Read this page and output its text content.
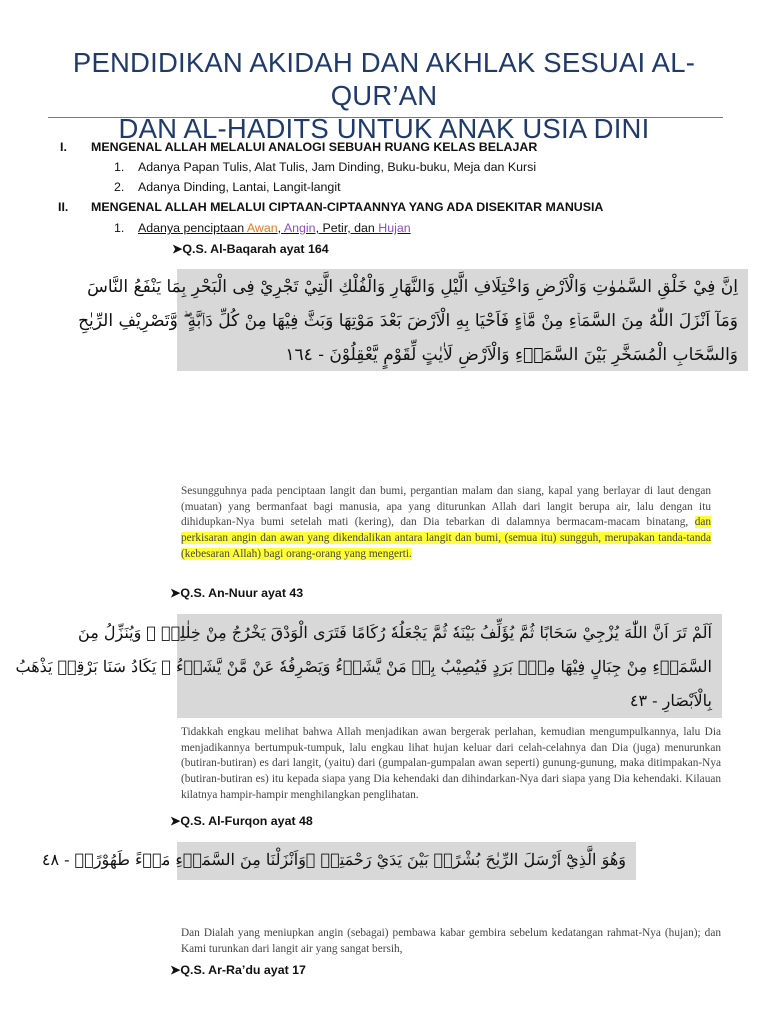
PENDIDIKAN AKIDAH DAN AKHLAK SESUAI AL-QUR’AN
DAN AL-HADITS UNTUK ANAK USIA DINI
I. MENGENAL ALLAH MELALUI ANALOGI SEBUAH RUANG KELAS BELAJAR
1. Adanya Papan Tulis, Alat Tulis, Jam Dinding, Buku-buku, Meja dan Kursi
2. Adanya Dinding, Lantai, Langit-langit
II. MENGENAL ALLAH MELALUI CIPTAAN-CIPTAANNYA YANG ADA DISEKITAR MANUSIA
1. Adanya penciptaan Awan, Angin, Petir, dan Hujan
➤Q.S. Al-Baqarah ayat 164
اِنَّ فِيْ خَلْقِ السَّمٰوٰتِ وَالْاَرْضِ وَاخْتِلَافِ الَّيْلِ وَالنَّهَارِ وَالْفُلْكِ الَّتِيْ تَجْرِيْ فِى الْبَحْرِ بِمَا يَنْفَعُ النَّاسَ
وَمَآ اَنْزَلَ اللّٰهُ مِنَ السَّمَاۤءِ مِنْ مَّاۤءٍ فَاَحْيَا بِهِ الْاَرْضَ بَعْدَ مَوْتِهَا وَبَثَّ فِيْهَا مِنْ كُلِّ دَاۤبَّةٍ ۖ وَّتَصْرِيْفِ الرِّيٰحِ
وَالسَّحَابِ الْمُسَخَّرِ بَيْنَ السَّمَاۤءِ وَالْاَرْضِ لَاٰيٰتٍ لِّقَوْمٍ يَّعْقِلُوْنَ - ١٦٤
Sesungguhnya pada penciptaan langit dan bumi, pergantian malam dan siang, kapal yang berlayar di laut dengan (muatan) yang bermanfaat bagi manusia, apa yang diturunkan Allah dari langit berupa air, lalu dengan itu dihidupkan-Nya bumi setelah mati (kering), dan Dia tebarkan di dalamnya bermacam-macam binatang, dan perkisaran angin dan awan yang dikendalikan antara langit dan bumi, (semua itu) sungguh, merupakan tanda-tanda (kebesaran Allah) bagi orang-orang yang mengerti.
➤Q.S. An-Nuur ayat 43
اَلَمْ تَرَ اَنَّ اللّٰهَ يُزْجِيْ سَحَابًا ثُمَّ يُؤَلِّفُ بَيْنَهٗ ثُمَّ يَجْعَلُهٗ رُكَامًا فَتَرَى الْوَدْقَ يَخْرُجُ مِنْ خِلٰلِهٖ ۚ وَيُنَزِّلُ مِنَ
السَّمَاۤءِ مِنْ جِبَالٍ فِيْهَا مِنْۢ بَرَدٍ فَيُصِيْبُ بِهٖ مَنْ يَّشَاۤءُ وَيَصْرِفُهٗ عَنْ مَّنْ يَّشَاۤءُ ۗ يَكَادُ سَنَا بَرْقِهٖ يَذْهَبُ
بِالْاَبْصَارِ - ٤٣
Tidakkah engkau melihat bahwa Allah menjadikan awan bergerak perlahan, kemudian mengumpulkannya, lalu Dia menjadikannya bertumpuk-tumpuk, lalu engkau lihat hujan keluar dari celah-celahnya dan Dia (juga) menurunkan (butiran-butiran) es dari langit, (yaitu) dari (gumpalan-gumpalan awan seperti) gunung-gunung, maka ditimpakan-Nya (butiran-butiran es) itu kepada siapa yang Dia kehendaki dan dihindarkan-Nya dari siapa yang Dia kehendaki. Kilauan kilatnya hampir-hampir menghilangkan penglihatan.
➤Q.S. Al-Furqon ayat 48
وَهُوَ الَّذِيْٓ اَرْسَلَ الرِّيٰحَ بُشْرًاۢ بَيْنَ يَدَيْ رَحْمَتِهٖ ۚوَاَنْزَلْنَا مِنَ السَّمَاۤءِ مَاۤءً طَهُوْرًاۙ - ٤٨
Dan Dialah yang meniupkan angin (sebagai) pembawa kabar gembira sebelum kedatangan rahmat-Nya (hujan); dan Kami turunkan dari langit air yang sangat bersih,
➤Q.S. Ar-Ra’du ayat 17
